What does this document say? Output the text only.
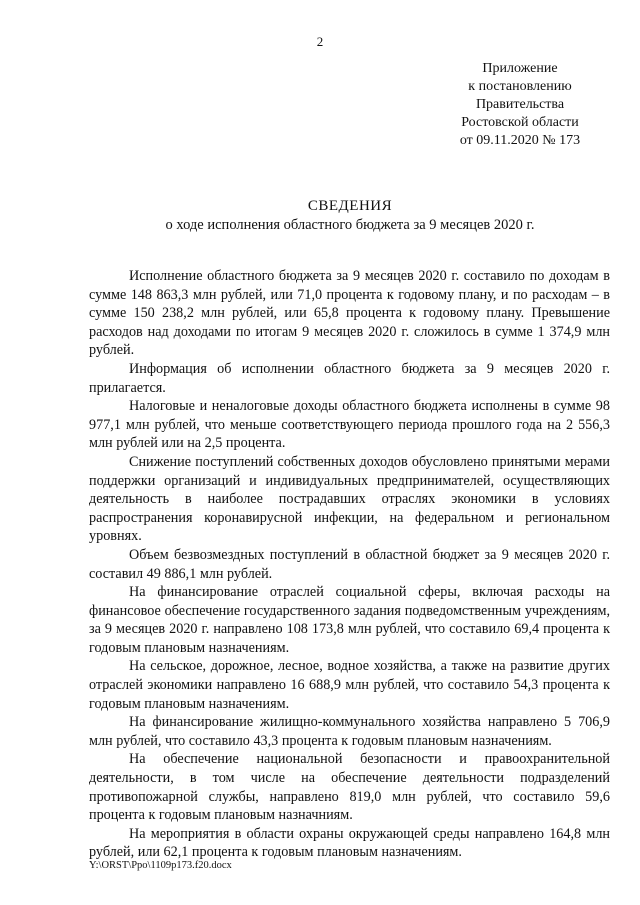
2
Приложение
к постановлению
Правительства
Ростовской области
от 09.11.2020 № 173
СВЕДЕНИЯ
о ходе исполнения областного бюджета за 9 месяцев 2020 г.

Исполнение областного бюджета за 9 месяцев 2020 г. составило по доходам в сумме 148 863,3 млн рублей, или 71,0 процента к годовому плану, и по расходам – в сумме 150 238,2 млн рублей, или 65,8 процента к годовому плану. Превышение расходов над доходами по итогам 9 месяцев 2020 г. сложилось в сумме 1 374,9 млн рублей.

Информация об исполнении областного бюджета за 9 месяцев 2020 г. прилагается.

Налоговые и неналоговые доходы областного бюджета исполнены в сумме 98 977,1 млн рублей, что меньше соответствующего периода прошлого года на 2 556,3 млн рублей или на 2,5 процента.

Снижение поступлений собственных доходов обусловлено принятыми мерами поддержки организаций и индивидуальных предпринимателей, осуществляющих деятельность в наиболее пострадавших отраслях экономики в условиях распространения коронавирусной инфекции, на федеральном и региональном уровнях.

Объем безвозмездных поступлений в областной бюджет за 9 месяцев 2020 г. составил 49 886,1 млн рублей.

На финансирование отраслей социальной сферы, включая расходы на финансовое обеспечение государственного задания подведомственным учреждениям, за 9 месяцев 2020 г. направлено 108 173,8 млн рублей, что составило 69,4 процента к годовым плановым назначениям.

На сельское, дорожное, лесное, водное хозяйства, а также на развитие других отраслей экономики направлено 16 688,9 млн рублей, что составило 54,3 процента к годовым плановым назначениям.

На финансирование жилищно-коммунального хозяйства направлено 5 706,9 млн рублей, что составило 43,3 процента к годовым плановым назначениям.

На обеспечение национальной безопасности и правоохранительной деятельности, в том числе на обеспечение деятельности подразделений противопожарной службы, направлено 819,0 млн рублей, что составило 59,6 процента к годовым плановым назначниям.

На мероприятия в области охраны окружающей среды направлено 164,8 млн рублей, или 62,1 процента к годовым плановым назначениям.

Y:\ORST\Ppo\1109p173.f20.docx
